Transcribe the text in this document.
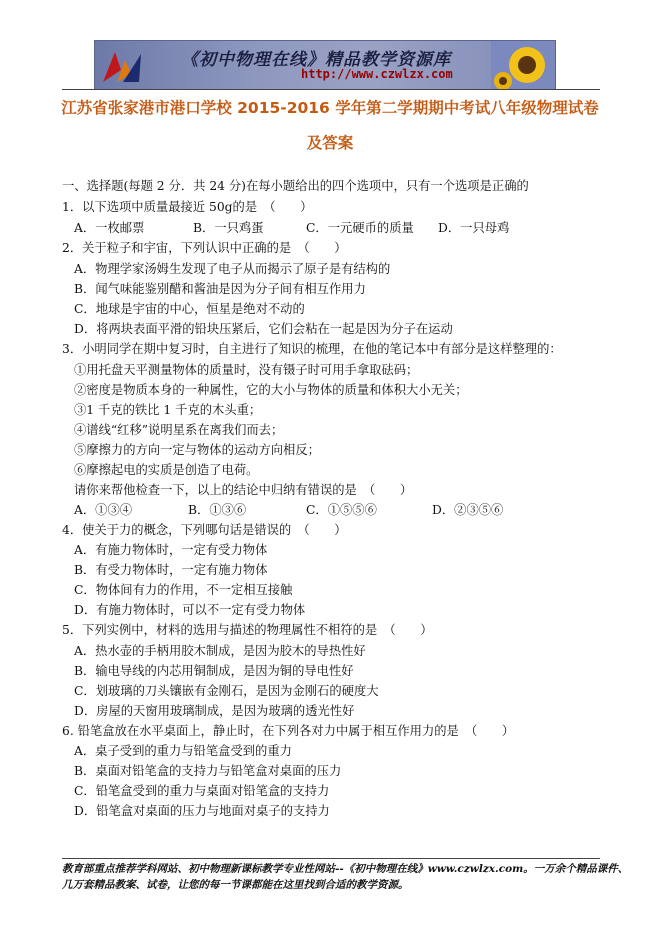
《初中物理在线》精品教学资源库
http://www.czwlzx.com
江苏省张家港市港口学校 2015-2016 学年第二学期期中考试八年级物理试卷
及答案
一、选择题(每题 2 分．共 24 分)在每小题给出的四个选项中，只有一个选项是正确的
1．以下选项中质量最接近 50g的是　（　　）
A．一枚邮票	B．一只鸡蛋	C．一元硬币的质量 D．一只母鸡
2．关于粒子和宇宙，下列认识中正确的是　（　　）
A．物理学家汤姆生发现了电子从而揭示了原子是有结构的
B．闻气味能鉴别醋和酱油是因为分子间有相互作用力
C．地球是宇宙的中心，恒星是绝对不动的
D．将两块表面平滑的铅块压紧后，它们会粘在一起是因为分子在运动
3．小明同学在期中复习时，自主进行了知识的梳理，在他的笔记本中有部分是这样整理的：
①用托盘天平测量物体的质量时，没有镊子时可用手拿取砝码；
②密度是物质本身的一种属性，它的大小与物体的质量和体积大小无关；
③1 千克的铁比 1 千克的木头重；
④谱线“红移”说明星系在离我们而去；
⑤摩擦力的方向一定与物体的运动方向相反；
⑥摩擦起电的实质是创造了电荷。
请你来帮他检查一下，以上的结论中归纳有错误的是　（　　）
A．①③④	B．①③⑥	C．①⑤⑤⑥	D．②③⑤⑥
4．使关于力的概念，下列哪句话是错误的　（　　）
A．有施力物体时，一定有受力物体
B．有受力物体时，一定有施力物体
C．物体间有力的作用，不一定相互接触
D．有施力物体时，可以不一定有受力物体
5．下列实例中，材料的选用与描述的物理属性不相符的是　（　　）
A．热水壶的手柄用胶木制成，是因为胶木的导热性好
B．输电导线的内芯用铜制成，是因为铜的导电性好
C．划玻璃的刀头镶嵌有金刚石，是因为金刚石的硬度大
D．房屋的天窗用玻璃制成，是因为玻璃的透光性好
6. 铅笔盒放在水平桌面上，静止时，在下列各对力中属于相互作用力的是　（　　）
A．桌子受到的重力与铅笔盒受到的重力
B．桌面对铅笔盒的支持力与铅笔盒对桌面的压力
C．铅笔盒受到的重力与桌面对铅笔盒的支持力
D．铅笔盒对桌面的压力与地面对桌子的支持力
教育部重点推荐学科网站、初中物理新课标教学专业性网站--《初中物理在线》www.czwlzx.com。一万余个精品课件、
几万套精品教案、试卷，让您的每一节课都能在这里找到合适的教学资源。
